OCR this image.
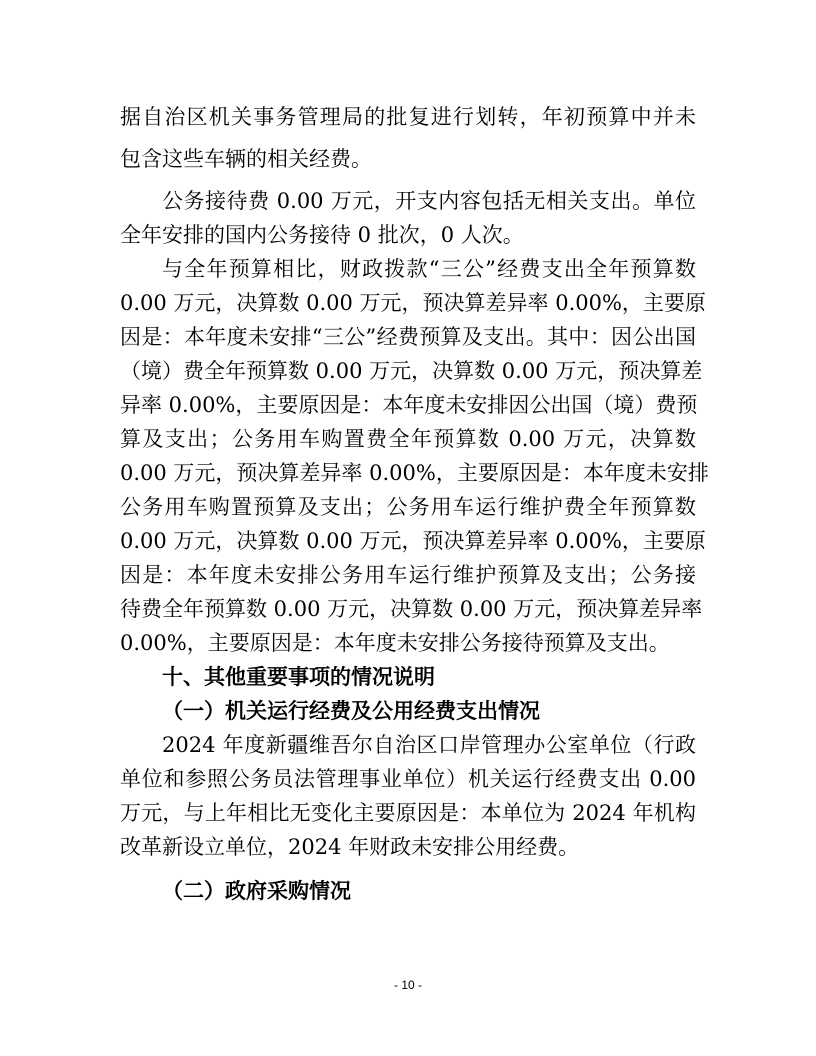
据自治区机关事务管理局的批复进行划转，年初预算中并未
包含这些车辆的相关经费。
公务接待费 0.00 万元，开支内容包括无相关支出。单位
全年安排的国内公务接待 0 批次，0 人次。
与全年预算相比，财政拨款“三公”经费支出全年预算数
0.00 万元，决算数 0.00 万元，预决算差异率 0.00%，主要原
因是：本年度未安排“三公”经费预算及支出。其中：因公出国
（境）费全年预算数 0.00 万元，决算数 0.00 万元，预决算差
异率 0.00%，主要原因是：本年度未安排因公出国（境）费预
算及支出；公务用车购置费全年预算数 0.00 万元，决算数
0.00 万元，预决算差异率 0.00%，主要原因是：本年度未安排
公务用车购置预算及支出；公务用车运行维护费全年预算数
0.00 万元，决算数 0.00 万元，预决算差异率 0.00%，主要原
因是：本年度未安排公务用车运行维护预算及支出；公务接
待费全年预算数 0.00 万元，决算数 0.00 万元，预决算差异率
0.00%，主要原因是：本年度未安排公务接待预算及支出。
十、其他重要事项的情况说明
（一）机关运行经费及公用经费支出情况
2024 年度新疆维吾尔自治区口岸管理办公室单位（行政
单位和参照公务员法管理事业单位）机关运行经费支出 0.00
万元，与上年相比无变化主要原因是：本单位为 2024 年机构
改革新设立单位，2024 年财政未安排公用经费。
（二）政府采购情况
- 10 -
